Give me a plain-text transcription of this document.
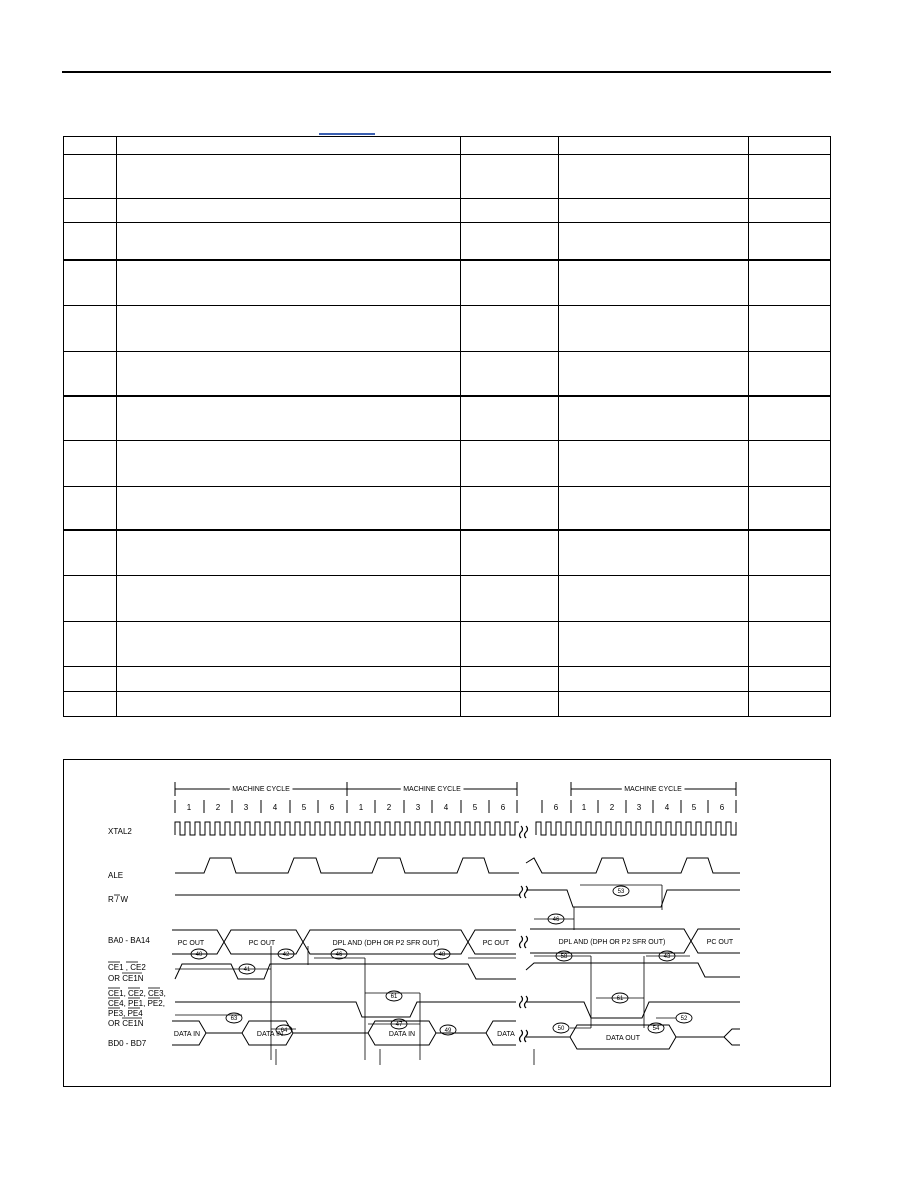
MACHINE CYCLE	MACHINE CYCLE	MACHINE CYCLE
1	2	3	4	5	6	1	2	3	4	5	6	6	1	2	3	4	5	6
XTAL2
ALE
R / W
BA0 - BA14
CE1 , CE2
OR CE1N
CE1, CE2, CE3,
CE4, PE1, PE2,
PE3, PE4
OR CE1N
BD0 - BD7
PC OUT	PC OUT	DPL AND (DPH OR P2 SFR OUT)	PC OUT	DPL AND (DPH OR P2 SFR OUT)	PC OUT
DATA IN	DATA IN	DATA IN	DATA
DATA OUT
40
41
42	46	48
53
61
63
64
47
50
52
54
58
49
61
46
43
